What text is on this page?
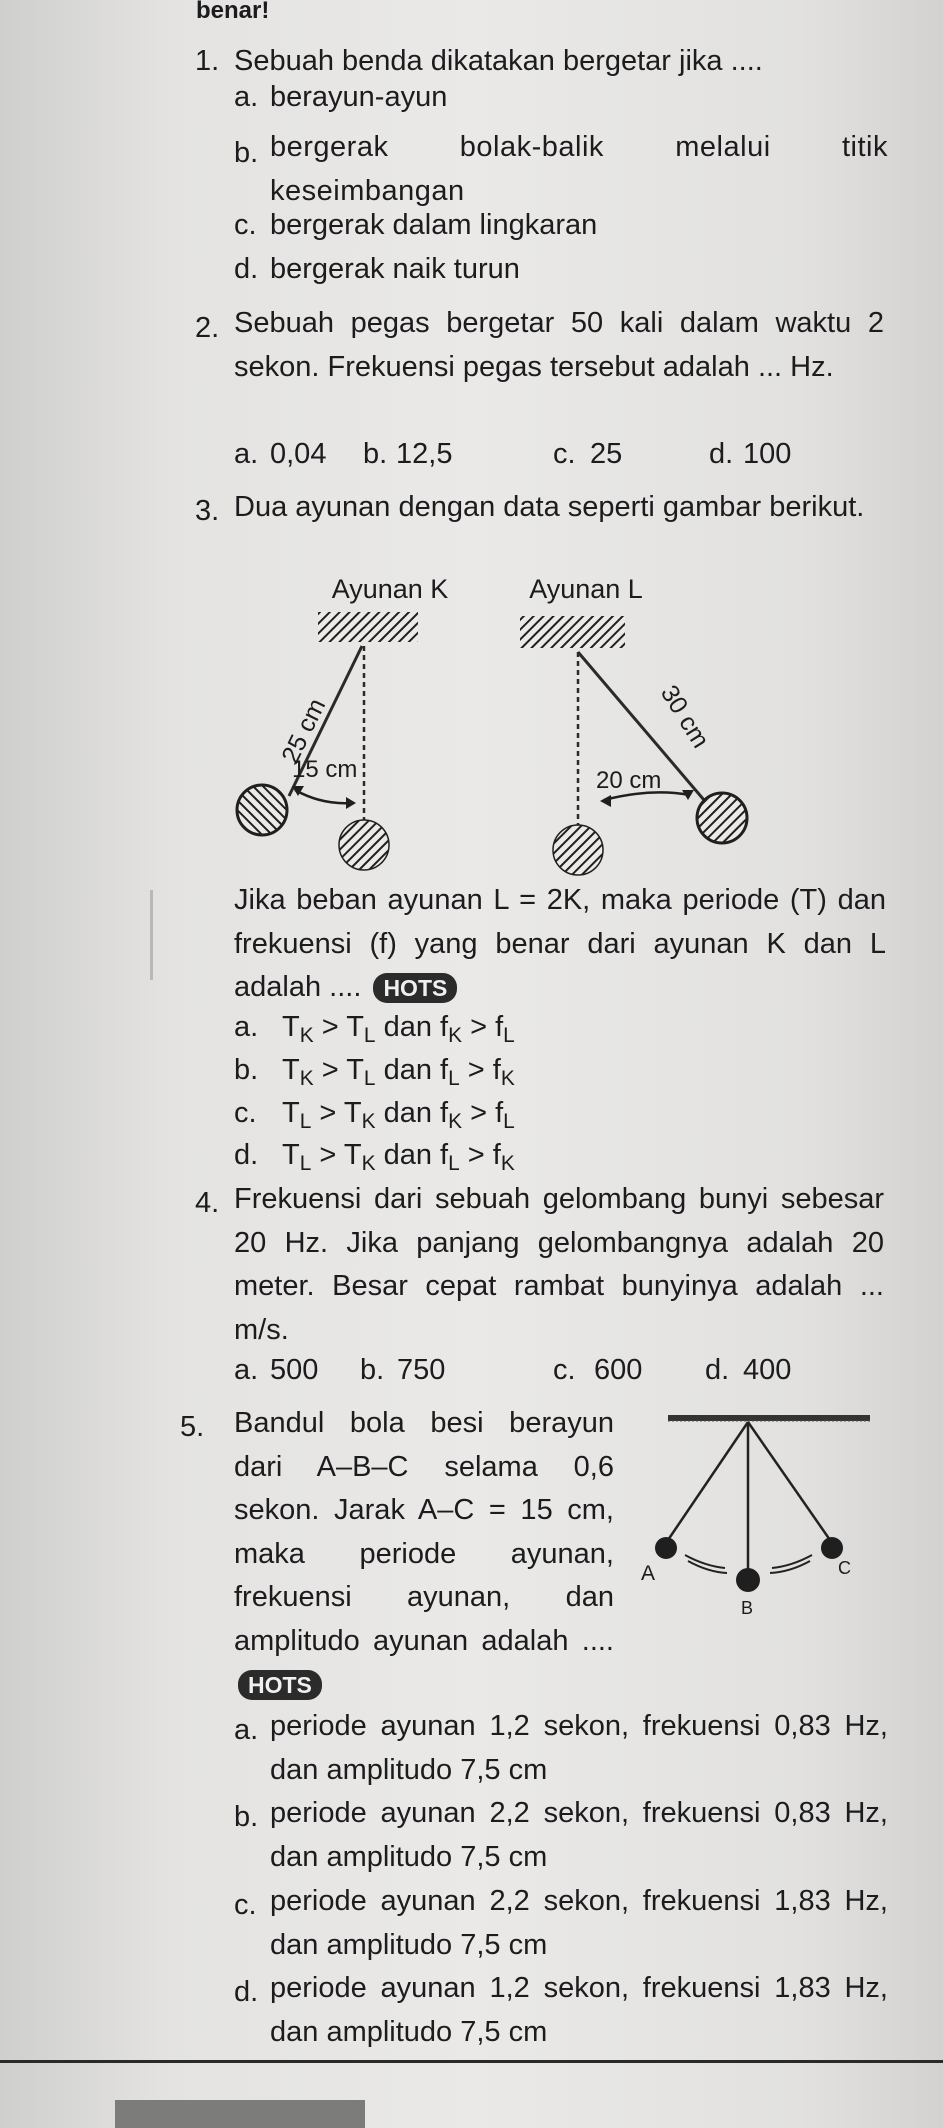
benar!
1. Sebuah benda dikatakan bergetar jika ....
a. berayun-ayun
b. bergerak bolak-balik melalui titik keseimbangan
c. bergerak dalam lingkaran
d. bergerak naik turun
2. Sebuah pegas bergetar 50 kali dalam waktu 2 sekon. Frekuensi pegas tersebut adalah ... Hz.
a. 0,04 b. 12,5	c. 25	d. 100
3. Dua ayunan dengan data seperti gambar berikut.
Ayunan K	Ayunan L
25 cm
15 cm
30 cm
20 cm
Jika beban ayunan L = 2K, maka periode (T) dan frekuensi (f) yang benar dari ayunan K dan L adalah .... HOTS
a. $T_K > T_L$ dan $f_K > f_L$
b. $T_K > T_L$ dan $f_L > f_K$
c. $T_L > T_K$ dan $f_K > f_L$
d. $T_L > T_K$ dan $f_L > f_K$
4. Frekuensi dari sebuah gelombang bunyi sebesar 20 Hz. Jika panjang gelombangnya adalah 20 meter. Besar cepat rambat bunyinya adalah ... m/s.
a. 500 b. 750	c. 600 d. 400
5. Bandul bola besi berayun dari A–B–C selama 0,6 sekon. Jarak A–C = 15 cm, maka periode ayunan, frekuensi ayunan, dan amplitudo ayunan adalah .... HOTS
A
B
C
a. periode ayunan 1,2 sekon, frekuensi 0,83 Hz, dan amplitudo 7,5 cm
b. periode ayunan 2,2 sekon, frekuensi 0,83 Hz, dan amplitudo 7,5 cm
c. periode ayunan 2,2 sekon, frekuensi 1,83 Hz, dan amplitudo 7,5 cm
d. periode ayunan 1,2 sekon, frekuensi 1,83 Hz, dan amplitudo 7,5 cm
